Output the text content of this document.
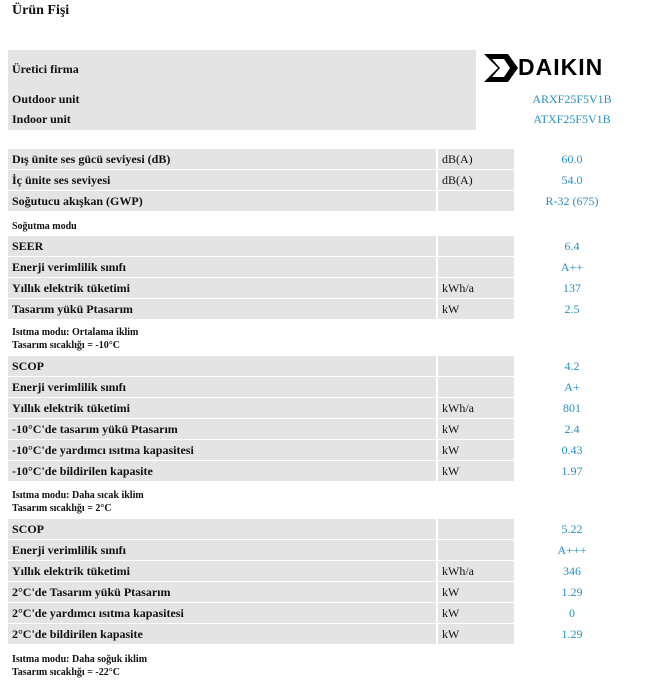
Ürün Fişi
Üretici firma
Outdoor unit	ARXF25F5V1B
Indoor unit	ATXF25F5V1B
DAIKIN
Dış ünite ses gücü seviyesi (dB)	dB(A)	60.0
İç ünite ses seviyesi	dB(A)	54.0
Soğutucu akışkan (GWP)	R-32 (675)
Soğutma modu
SEER	6.4
Enerji verimlilik sınıfı	A++
Yıllık elektrik tüketimi	kWh/a	137
Tasarım yükü Ptasarım	kW	2.5
Isıtma modu: Ortalama iklim
Tasarım sıcaklığı = -10°C
SCOP	4.2
Enerji verimlilik sınıfı	A+
Yıllık elektrik tüketimi	kWh/a	801
-10°C'de tasarım yükü Ptasarım	kW	2.4
-10°C'de yardımcı ısıtma kapasitesi	kW	0.43
-10°C'de bildirilen kapasite	kW	1.97
Isıtma modu: Daha sıcak iklim
Tasarım sıcaklığı = 2°C
SCOP	5.22
Enerji verimlilik sınıfı	A+++
Yıllık elektrik tüketimi	kWh/a	346
2°C'de Tasarım yükü Ptasarım	kW	1.29
2°C'de yardımcı ısıtma kapasitesi	kW	0
2°C'de bildirilen kapasite	kW	1.29
Isıtma modu: Daha soğuk iklim
Tasarım sıcaklığı = -22°C
